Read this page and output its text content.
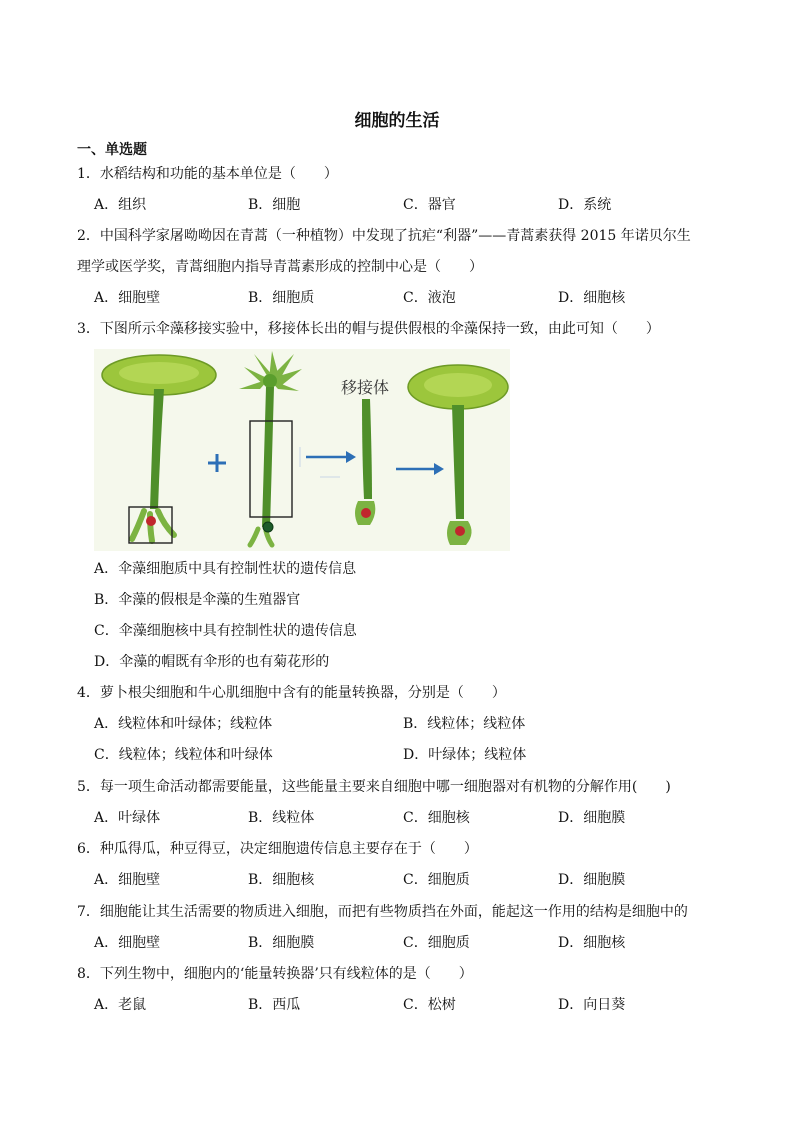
细胞的生活
一、单选题
1．水稻结构和功能的基本单位是（　　）
A．组织	B．细胞	C．器官	D．系统
2．中国科学家屠呦呦因在青蒿（一种植物）中发现了抗疟“利器”——青蒿素获得 2015 年诺贝尔生
理学或医学奖，青蒿细胞内指导青蒿素形成的控制中心是（　　）
A．细胞壁	B．细胞质	C．液泡	D．细胞核
3．下图所示伞藻移接实验中，移接体长出的帽与提供假根的伞藻保持一致，由此可知（　　）
移接体
A．伞藻细胞质中具有控制性状的遗传信息
B．伞藻的假根是伞藻的生殖器官
C．伞藻细胞核中具有控制性状的遗传信息
D．伞藻的帽既有伞形的也有菊花形的
4．萝卜根尖细胞和牛心肌细胞中含有的能量转换器，分别是（　　）
A．线粒体和叶绿体；线粒体	B．线粒体；线粒体
C．线粒体；线粒体和叶绿体	D．叶绿体；线粒体
5．每一项生命活动都需要能量，这些能量主要来自细胞中哪一细胞器对有机物的分解作用(　　)
A．叶绿体	B．线粒体	C．细胞核	D．细胞膜
6．种瓜得瓜，种豆得豆，决定细胞遗传信息主要存在于（　　）
A．细胞壁	B．细胞核	C．细胞质	D．细胞膜
7．细胞能让其生活需要的物质进入细胞，而把有些物质挡在外面，能起这一作用的结构是细胞中的
A．细胞壁	B．细胞膜	C．细胞质	D．细胞核
8．下列生物中，细胞内的‘能量转换器’只有线粒体的是（　　）
A．老鼠	B．西瓜	C．松树	D．向日葵
